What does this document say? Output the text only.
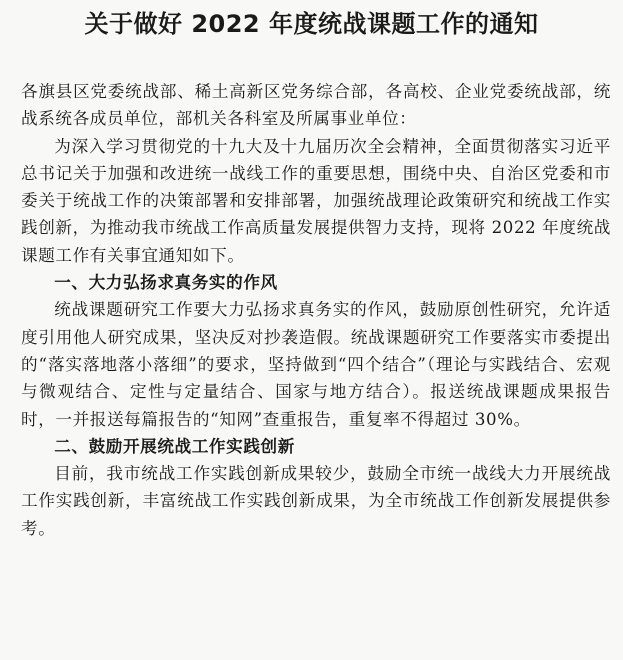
关于做好 2022 年度统战课题工作的通知

各旗县区党委统战部、稀土高新区党务综合部，各高校、企业党委统战部，统战系统各成员单位，部机关各科室及所属事业单位：

为深入学习贯彻党的十九大及十九届历次全会精神，全面贯彻落实习近平总书记关于加强和改进统一战线工作的重要思想，围绕中央、自治区党委和市委关于统战工作的决策部署和安排部署，加强统战理论政策研究和统战工作实践创新，为推动我市统战工作高质量发展提供智力支持，现将 2022 年度统战课题工作有关事宜通知如下。

一、大力弘扬求真务实的作风

统战课题研究工作要大力弘扬求真务实的作风，鼓励原创性研究，允许适度引用他人研究成果，坚决反对抄袭造假。统战课题研究工作要落实市委提出的“落实落地落小落细”的要求，坚持做到“四个结合”（理论与实践结合、宏观与微观结合、定性与定量结合、国家与地方结合）。报送统战课题成果报告时，一并报送每篇报告的“知网”查重报告，重复率不得超过 30%。

二、鼓励开展统战工作实践创新

目前，我市统战工作实践创新成果较少，鼓励全市统一战线大力开展统战工作实践创新，丰富统战工作实践创新成果，为全市统战工作创新发展提供参考。
